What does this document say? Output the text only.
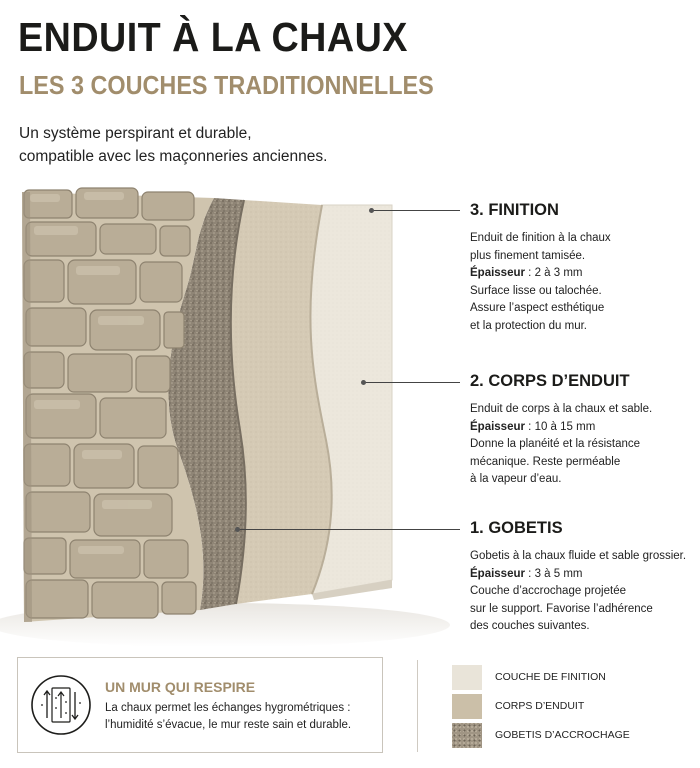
ENDUIT À LA CHAUX
LES 3 COUCHES TRADITIONNELLES
Un système perspirant et durable,
compatible avec les maçonneries anciennes.
3. FINITION
Enduit de finition à la chaux
plus finement tamisée.
Épaisseur : 2 à 3 mm
Surface lisse ou talochée.
Assure l’aspect esthétique
et la protection du mur.
2. CORPS D’ENDUIT
Enduit de corps à la chaux et sable.
Épaisseur : 10 à 15 mm
Donne la planéité et la résistance
mécanique. Reste perméable
à la vapeur d’eau.
1. GOBETIS
Gobetis à la chaux fluide et sable grossier.
Épaisseur : 3 à 5 mm
Couche d’accrochage projetée
sur le support. Favorise l’adhérence
des couches suivantes.
UN MUR QUI RESPIRE
La chaux permet les échanges hygrométriques :
l’humidité s’évacue, le mur reste sain et durable.
COUCHE DE FINITION
CORPS D’ENDUIT
GOBETIS D’ACCROCHAGE
